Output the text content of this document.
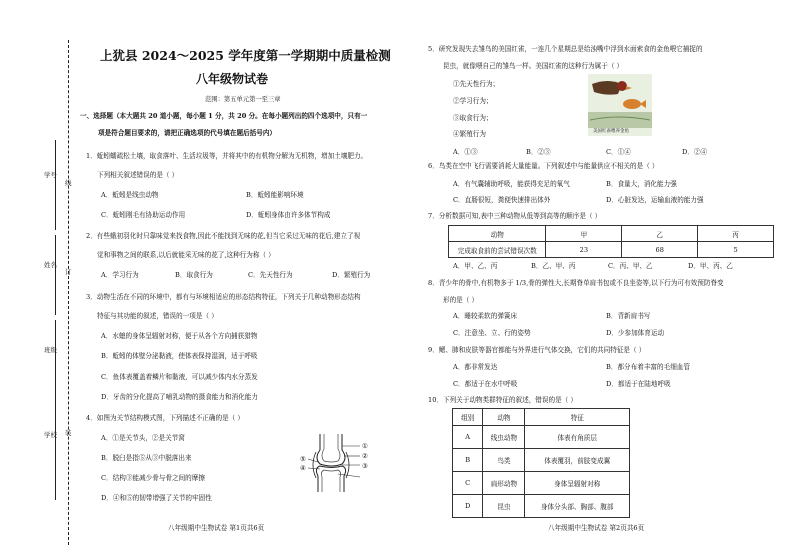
学号
姓名
班级
学校
订
线
装
上犹县 2024～2025 学年度第一学期期中质量检测
八年级物试卷
范围：第五单元第一至三章
一、选择题（本大题共 20 道小题，每小题 1 分，共 20 分。在每小题列出的四个选项中，只有一
项是符合题目要求的，请把正确选项的代号填在题后括号内）
1．蚯蚓蠕疏松土壤，取食落叶、生活垃圾等，并将其中的有机物分解为无机物，增加土壤肥力。
下列相关叙述错误的是（ ）
A．蚯蚓是线虫动物	B．蚯蚓能影响环境
C．蚯蚓刚毛有协助运动作用	D．蚯蚓身体由许多体节构成
2．有些蛾初羽化时只靠味觉来找食物,因此不能找到无味的花,但当它采过无味的花后,建立了视
觉和事物之间的联系,以后就能采无味的花了,这种行为称（ ）
A．学习行为	B．取食行为	C．先天性行为	D．繁殖行为
3．动物生活在不同的环境中，都有与环境相适应的形态结构特征，下列关于几种动物形态结构
特征与其功能的叙述，错误的一项是（ ）
A．水螅的身体呈辐射对称，便于从各个方向捕获猎物
B．蚯蚓的体壁分泌黏液，使体表保持湿润，适于呼吸
C．鱼体表覆盖着鳞片和黏液，可以减少体内水分蒸发
D．牙齿的分化提高了哺乳动物的摄食能力和消化能力
4．如图为关节结构模式图，下列描述不正确的是（ ）
A．①是关节头，②是关节窝
B．脱臼是指⑤从③中脱落出来
C．结构③能减少骨与骨之间的摩擦
D．④和⑤的韧带增强了关节的牢固性
①
②
③
④
⑤
八年级期中生物试卷 第1页共6页
5．研究发现失去雏鸟的美国红雀，一连几个星期总是给浊嘴中浮到水面索食的金鱼喂它捕捉的
昆虫，就像喂自己的雏鸟一样。美国红雀的这种行为属于（ ）
①先天性行为；
②学习行为；
③取食行为；
④繁殖行为	美国红雀喂养金鱼
A．①③	B．②③	C．①④	D．②④
6．鸟类在空中飞行需要消耗大量能量。下列叙述中与能量供应不相关的是（ ）
A．有气囊辅助呼吸，能获得充足的氧气	B．食量大，消化能力强
C．直肠很短，粪便快速排出体外	D．心脏发达，运输血液的能力强
7．分析数据可知,表中三种动物从低等到高等的顺序是（ ）
动物	甲	乙	丙
完成取食前的尝试错误次数	23	68	5
A．甲、乙、丙	B．乙、甲、丙	C．丙、甲、乙	D．甲、丙、乙
8．青少年的骨中,有机物多于 1/3,骨的弹性大,长期脊单肩书包或不良坐姿等,以下行为可有效预防脊变
形的是（ ）
A．睡较柔软的弹簧床	B．背新肩书写
C．注意坐、立、行的姿势	D．少参加体育运动
9．鳃、肺和皮肤等器官都能与外界进行气体交换，它们的共同特征是（ ）
A．都非常发达	B．都分布着丰富的毛细血管
C．都适于在水中呼吸	D．都适于在陆地呼吸
10．下列关于动物类群特征的叙述，错误的是（ ）
组别	动物	特征
A	线虫动物	体表有角质层
B	鸟类	体表覆羽，前肢变成翼
C	扁形动物	身体呈辐射对称
D	昆虫	身体分头部、胸部、腹部
八年级期中生物试卷 第2页共6页
